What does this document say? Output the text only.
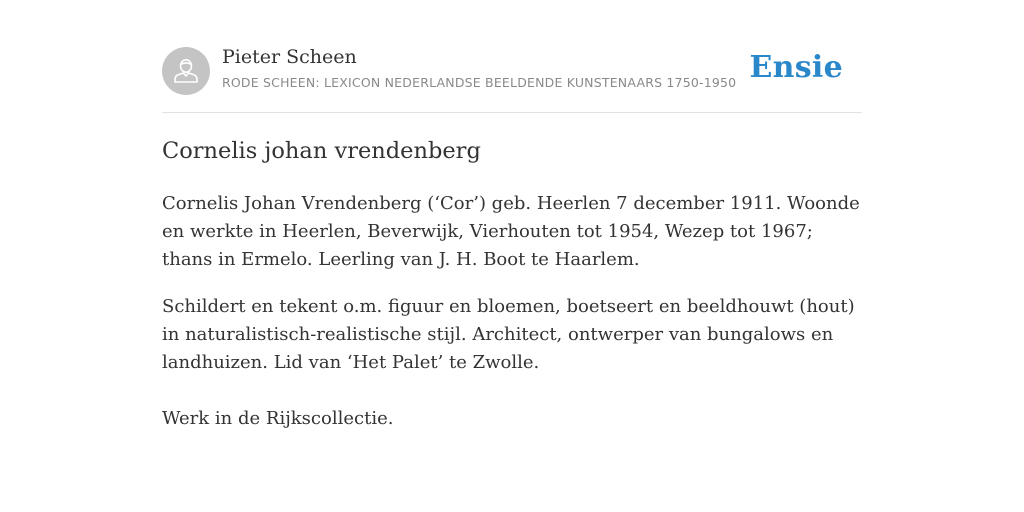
Pieter Scheen
RODE SCHEEN: LEXICON NEDERLANDSE BEELDENDE KUNSTENAARS 1750-1950 Ensie
Cornelis johan vrendenberg

Cornelis Johan Vrendenberg (‘Cor’) geb. Heerlen 7 december 1911. Woonde en werkte in Heerlen, Beverwijk, Vierhouten tot 1954, Wezep tot 1967; thans in Ermelo. Leerling van J. H. Boot te Haarlem.

Schildert en tekent o.m. figuur en bloemen, boetseert en beeldhouwt (hout) in naturalistisch-realistische stijl. Architect, ontwerper van bungalows en landhuizen. Lid van ‘Het Palet’ te Zwolle.

Werk in de Rijkscollectie.
